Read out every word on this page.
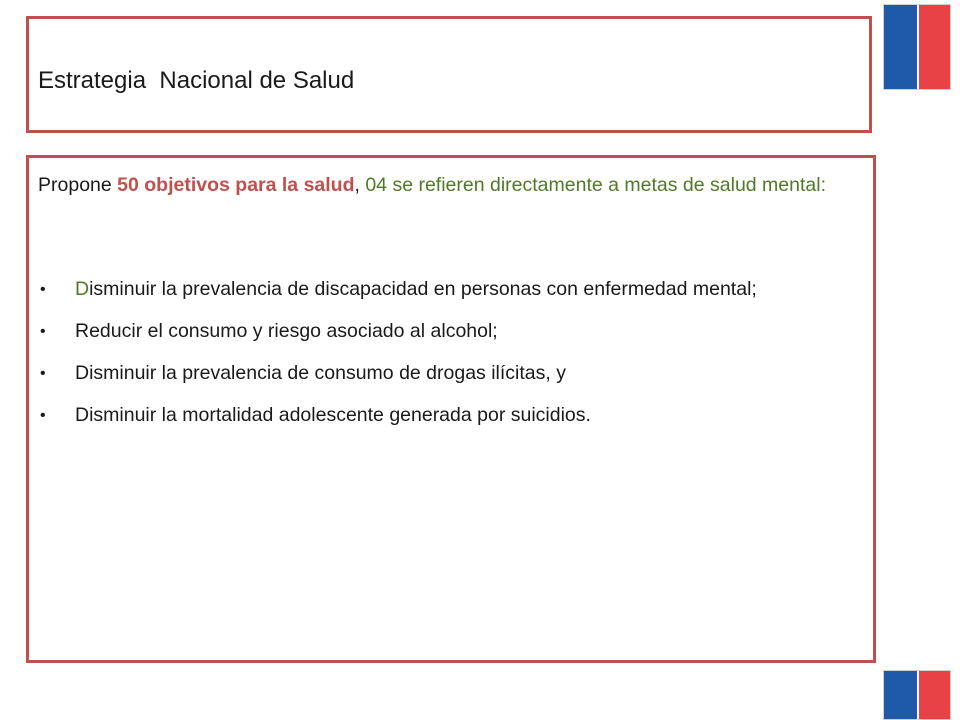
Estrategia  Nacional de Salud

Propone 50 objetivos para la salud, 04 se refieren directamente a metas de salud mental:

• Disminuir la prevalencia de discapacidad en personas con enfermedad mental;
• Reducir el consumo y riesgo asociado al alcohol;
• Disminuir la prevalencia de consumo de drogas ilícitas, y
• Disminuir la mortalidad adolescente generada por suicidios.
